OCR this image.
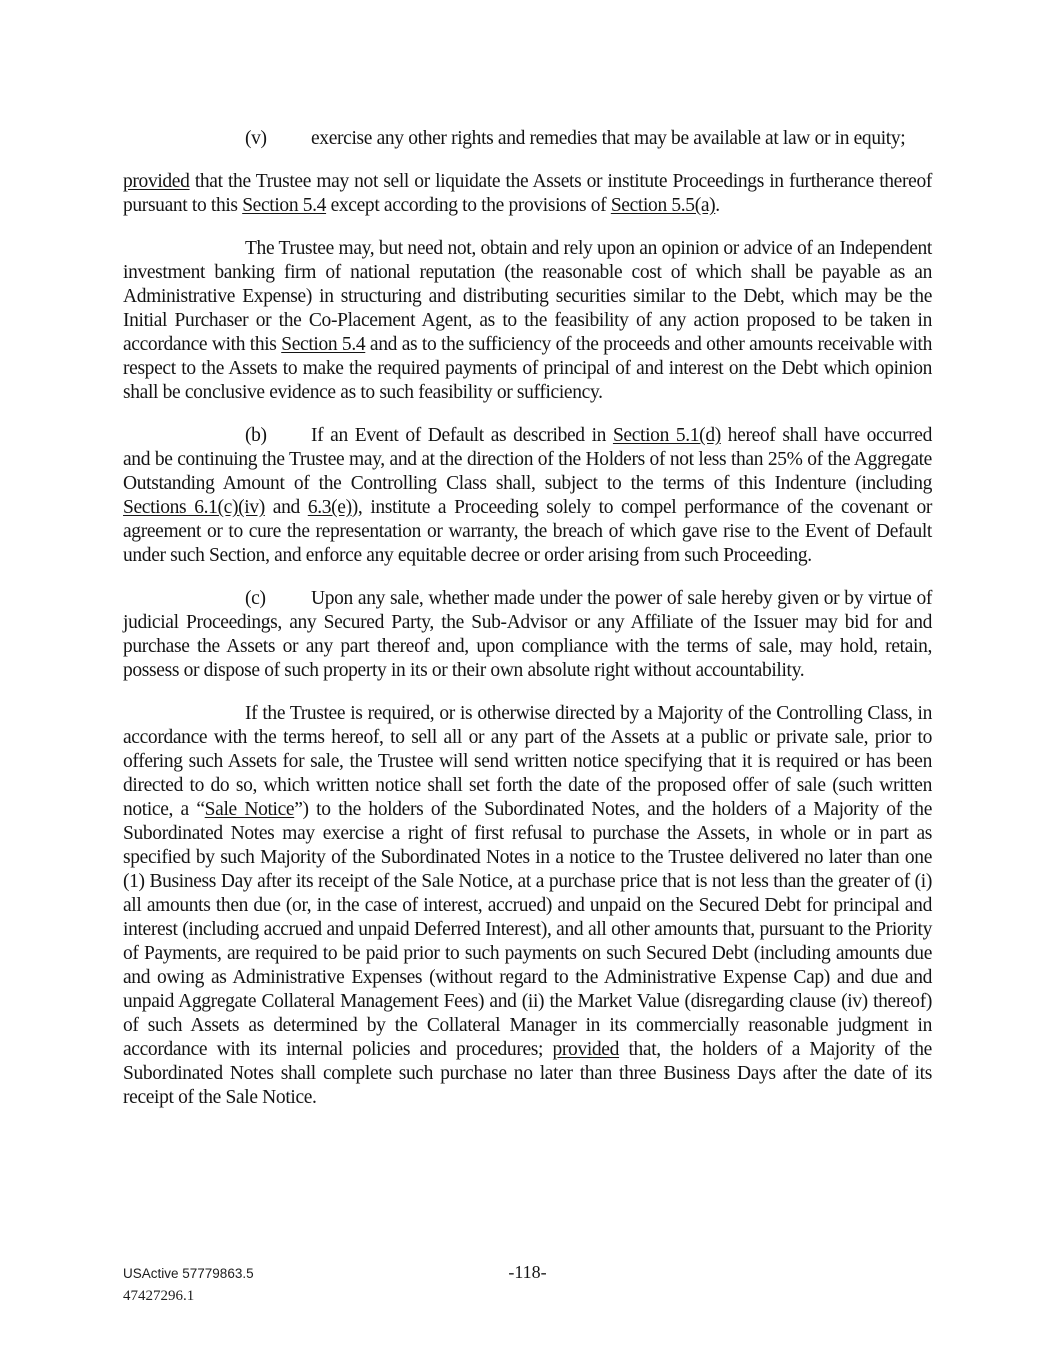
(v) exercise any other rights and remedies that may be available at law or in equity;

provided that the Trustee may not sell or liquidate the Assets or institute Proceedings in furtherance thereof pursuant to this Section 5.4 except according to the provisions of Section 5.5(a).

The Trustee may, but need not, obtain and rely upon an opinion or advice of an Independent investment banking firm of national reputation (the reasonable cost of which shall be payable as an Administrative Expense) in structuring and distributing securities similar to the Debt, which may be the Initial Purchaser or the Co-Placement Agent, as to the feasibility of any action proposed to be taken in accordance with this Section 5.4 and as to the sufficiency of the proceeds and other amounts receivable with respect to the Assets to make the required payments of principal of and interest on the Debt which opinion shall be conclusive evidence as to such feasibility or sufficiency.

(b) If an Event of Default as described in Section 5.1(d) hereof shall have occurred and be continuing the Trustee may, and at the direction of the Holders of not less than 25% of the Aggregate Outstanding Amount of the Controlling Class shall, subject to the terms of this Indenture (including Sections 6.1(c)(iv) and 6.3(e)), institute a Proceeding solely to compel performance of the covenant or agreement or to cure the representation or warranty, the breach of which gave rise to the Event of Default under such Section, and enforce any equitable decree or order arising from such Proceeding.

(c) Upon any sale, whether made under the power of sale hereby given or by virtue of judicial Proceedings, any Secured Party, the Sub-Advisor or any Affiliate of the Issuer may bid for and purchase the Assets or any part thereof and, upon compliance with the terms of sale, may hold, retain, possess or dispose of such property in its or their own absolute right without accountability.

If the Trustee is required, or is otherwise directed by a Majority of the Controlling Class, in accordance with the terms hereof, to sell all or any part of the Assets at a public or private sale, prior to offering such Assets for sale, the Trustee will send written notice specifying that it is required or has been directed to do so, which written notice shall set forth the date of the proposed offer of sale (such written notice, a “Sale Notice”) to the holders of the Subordinated Notes, and the holders of a Majority of the Subordinated Notes may exercise a right of first refusal to purchase the Assets, in whole or in part as specified by such Majority of the Subordinated Notes in a notice to the Trustee delivered no later than one (1) Business Day after its receipt of the Sale Notice, at a purchase price that is not less than the greater of (i) all amounts then due (or, in the case of interest, accrued) and unpaid on the Secured Debt for principal and interest (including accrued and unpaid Deferred Interest), and all other amounts that, pursuant to the Priority of Payments, are required to be paid prior to such payments on such Secured Debt (including amounts due and owing as Administrative Expenses (without regard to the Administrative Expense Cap) and due and unpaid Aggregate Collateral Management Fees) and (ii) the Market Value (disregarding clause (iv) thereof) of such Assets as determined by the Collateral Manager in its commercially reasonable judgment in accordance with its internal policies and procedures; provided that, the holders of a Majority of the Subordinated Notes shall complete such purchase no later than three Business Days after the date of its receipt of the Sale Notice.

USActive 57779863.5
47427296.1
-118-
